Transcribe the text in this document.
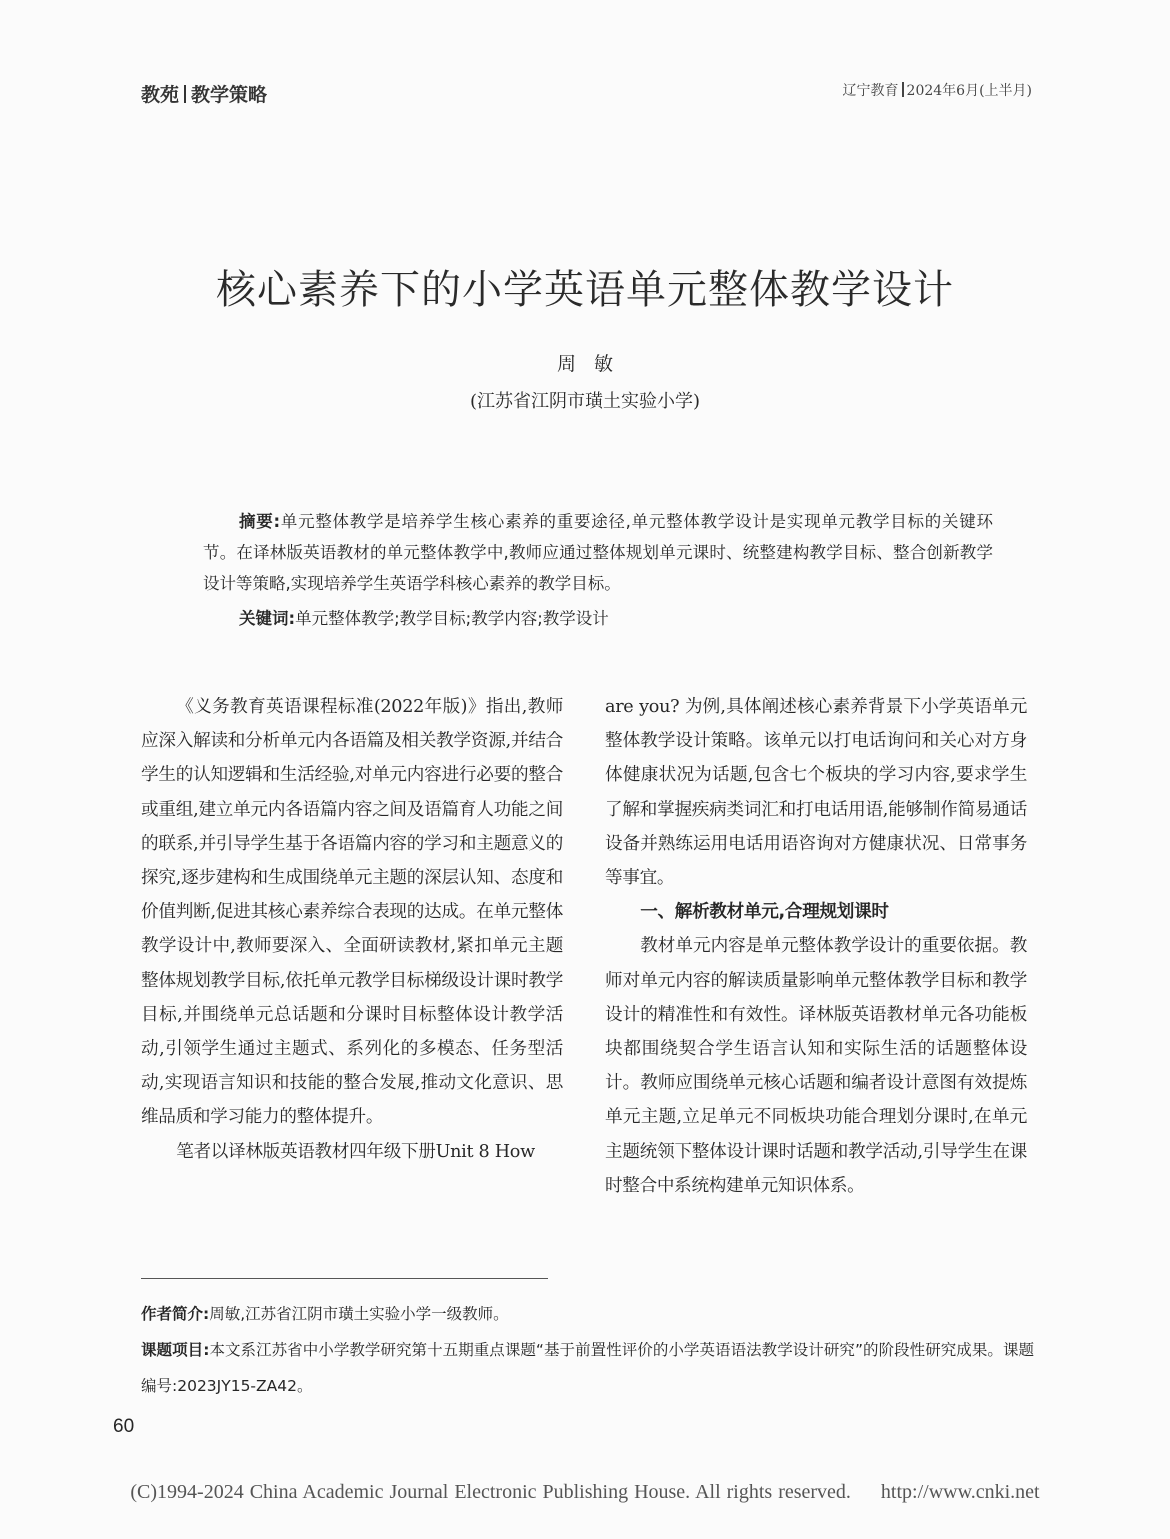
教苑 教学策略	辽宁教育 2024年6月(上半月)
核心素养下的小学英语单元整体教学设计
周敏
(江苏省江阴市璜土实验小学)
摘要:单元整体教学是培养学生核心素养的重要途径,单元整体教学设计是实现单元教学目标的关键环节。在译林版英语教材的单元整体教学中,教师应通过整体规划单元课时、统整建构教学目标、整合创新教学设计等策略,实现培养学生英语学科核心素养的教学目标。
关键词:单元整体教学;教学目标;教学内容;教学设计

《义务教育英语课程标准(2022年版)》指出,教师应深入解读和分析单元内各语篇及相关教学资源,并结合学生的认知逻辑和生活经验,对单元内容进行必要的整合或重组,建立单元内各语篇内容之间及语篇育人功能之间的联系,并引导学生基于各语篇内容的学习和主题意义的探究,逐步建构和生成围绕单元主题的深层认知、态度和价值判断,促进其核心素养综合表现的达成。在单元整体教学设计中,教师要深入、全面研读教材,紧扣单元主题整体规划教学目标,依托单元教学目标梯级设计课时教学目标,并围绕单元总话题和分课时目标整体设计教学活动,引领学生通过主题式、系列化的多模态、任务型活动,实现语言知识和技能的整合发展,推动文化意识、思维品质和学习能力的整体提升。

笔者以译林版英语教材四年级下册Unit 8 How

are you? 为例,具体阐述核心素养背景下小学英语单元整体教学设计策略。该单元以打电话询问和关心对方身体健康状况为话题,包含七个板块的学习内容,要求学生了解和掌握疾病类词汇和打电话用语,能够制作简易通话设备并熟练运用电话用语咨询对方健康状况、日常事务等事宜。

一、解析教材单元,合理规划课时

教材单元内容是单元整体教学设计的重要依据。教师对单元内容的解读质量影响单元整体教学目标和教学设计的精准性和有效性。译林版英语教材单元各功能板块都围绕契合学生语言认知和实际生活的话题整体设计。教师应围绕单元核心话题和编者设计意图有效提炼单元主题,立足单元不同板块功能合理划分课时,在单元主题统领下整体设计课时话题和教学活动,引导学生在课时整合中系统构建单元知识体系。

作者简介:周敏,江苏省江阴市璜土实验小学一级教师。
课题项目:本文系江苏省中小学教学研究第十五期重点课题“基于前置性评价的小学英语语法教学设计研究”的阶段性研究成果。课题编号:2023JY15-ZA42。
60
(C)1994-2024 China Academic Journal Electronic Publishing House. All rights reserved.     http://www.cnki.net
